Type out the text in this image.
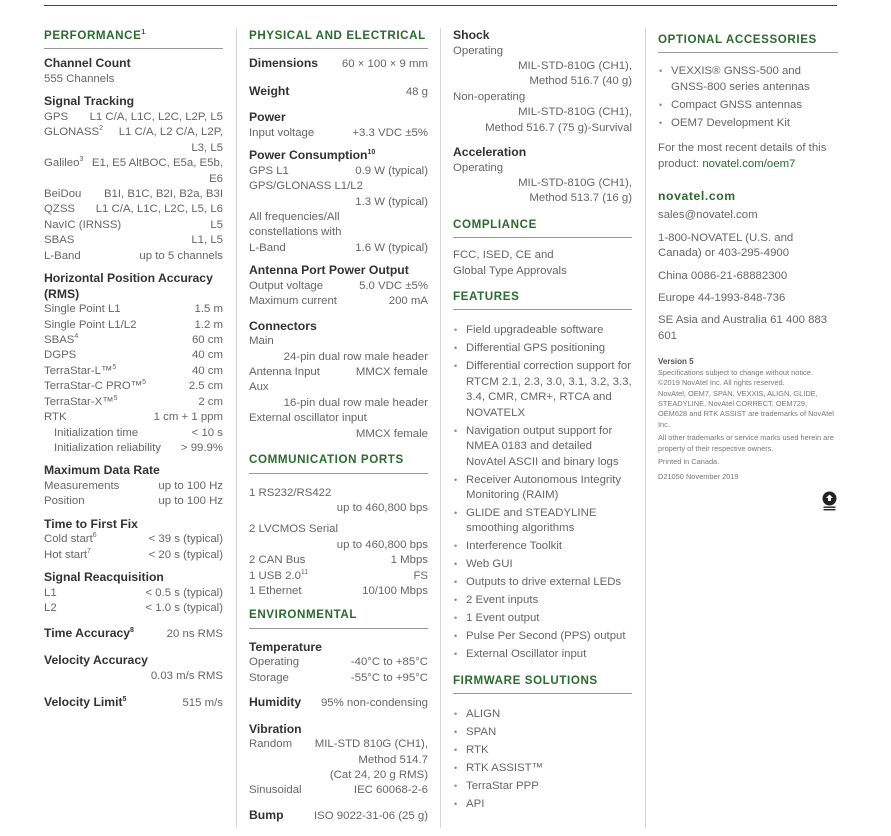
PERFORMANCE$^1$
Channel Count
555 Channels
Signal Tracking
GPS	L1 C/A, L1C, L2C, L2P, L5
GLONASS$^2$	L1 C/A, L2 C/A, L2P, L3, L5
Galileo$^3$ E1, E5 AltBOC, E5a, E5b, E6
BeiDou	B1I, B1C, B2I, B2a, B3I
QZSS	L1 C/A, L1C, L2C, L5, L6
NavIC (IRNSS)	L5
SBAS	L1, L5
L-Band	up to 5 channels
Horizontal Position Accuracy (RMS)
Single Point L1	1.5 m
Single Point L1/L2	1.2 m
SBAS$^4$	60 cm
DGPS	40 cm
TerraStar-L™$^5$	40 cm
TerraStar-C PRO™$^5$	2.5 cm
TerraStar-X™$^5$	2 cm
RTK	1 cm + 1 ppm
Initialization time	< 10 s
Initialization reliability	> 99.9%
Maximum Data Rate
Measurements	up to 100 Hz
Position	up to 100 Hz
Time to First Fix
Cold start$^6$	< 39 s (typical)
Hot start$^7$	< 20 s (typical)
Signal Reacquisition
L1	< 0.5 s (typical)
L2	< 1.0 s (typical)
Time Accuracy$^8$	20 ns RMS
Velocity Accuracy
0.03 m/s RMS
Velocity Limit$^5$	515 m/s
PHYSICAL AND ELECTRICAL
Dimensions 60 × 100 × 9 mm
Weight	48 g
Power
Input voltage	+3.3 VDC ±5%
Power Consumption$^{10}$
GPS L1	0.9 W (typical)
GPS/GLONASS L1/L2
1.3 W (typical)
All frequencies/All constellations with L-Band	1.6 W (typical)
Antenna Port Power Output
Output voltage	5.0 VDC ±5%
Maximum current	200 mA
Connectors
Main
24-pin dual row male header
Antenna Input	MMCX female
Aux
16-pin dual row male header
External oscillator input
MMCX female
COMMUNICATION PORTS
1 RS232/RS422
up to 460,800 bps
2 LVCMOS Serial
up to 460,800 bps
2 CAN Bus	1 Mbps
1 USB $2.0^{11}$	FS
1 Ethernet	10/100 Mbps
ENVIRONMENTAL
Temperature
Operating	-40°C to +85°C
Storage	-55°C to +95°C
Humidity 95% non-condensing
Vibration
Random	MIL-STD 810G (CH1),
Method 514.7
(Cat 24, 20 g RMS)
Sinusoidal	IEC 60068-2-6
Bump	ISO 9022-31-06 (25 g)
Shock
Operating
MIL-STD-810G (CH1),
Method 516.7 (40 g)
Non-operating
MIL-STD-810G (CH1),
Method 516.7 (75 g)-Survival
Acceleration
Operating
MIL-STD-810G (CH1),
Method 513.7 (16 g)
COMPLIANCE
FCC, ISED, CE and
Global Type Approvals
FEATURES
• Field upgradeable software
• Differential GPS positioning
• Differential correction support for RTCM 2.1, 2.3, 3.0, 3.1, 3.2, 3.3, 3.4, CMR, CMR+, RTCA and NOVATELX
• Navigation output support for NMEA 0183 and detailed NovAtel ASCII and binary logs
• Receiver Autonomous Integrity Monitoring (RAIM)
• GLIDE and STEADYLINE smoothing algorithms
• Interference Toolkit
• Web GUI
• Outputs to drive external LEDs
• 2 Event inputs
• 1 Event output
• Pulse Per Second (PPS) output
• External Oscillator input
FIRMWARE SOLUTIONS
• ALIGN
• SPAN
• RTK
• RTK ASSIST™
• TerraStar PPP
• API
OPTIONAL ACCESSORIES
• VEXXIS® GNSS-500 and GNSS-800 series antennas
• Compact GNSS antennas
• OEM7 Development Kit
For the most recent details of this product: novatel.com/oem7
novatel.com
sales@novatel.com
1-800-NOVATEL (U.S. and Canada) or 403-295-4900
China 0086-21-68882300
Europe 44-1993-848-736
SE Asia and Australia 61 400 883 601
Version 5
Specifications subject to change without notice.
©2019 NovAtel Inc. All rights reserved.
NovAtel, OEM7, SPAN, VEXXIS, ALIGN, GLIDE, STEADYLINE, NovAtel CORRECT, OEM729, OEM628 and RTK ASSIST are trademarks of NovAtel Inc.
All other trademarks or service marks used herein are property of their respective owners.
Printed in Canada.
D21050 November 2019
